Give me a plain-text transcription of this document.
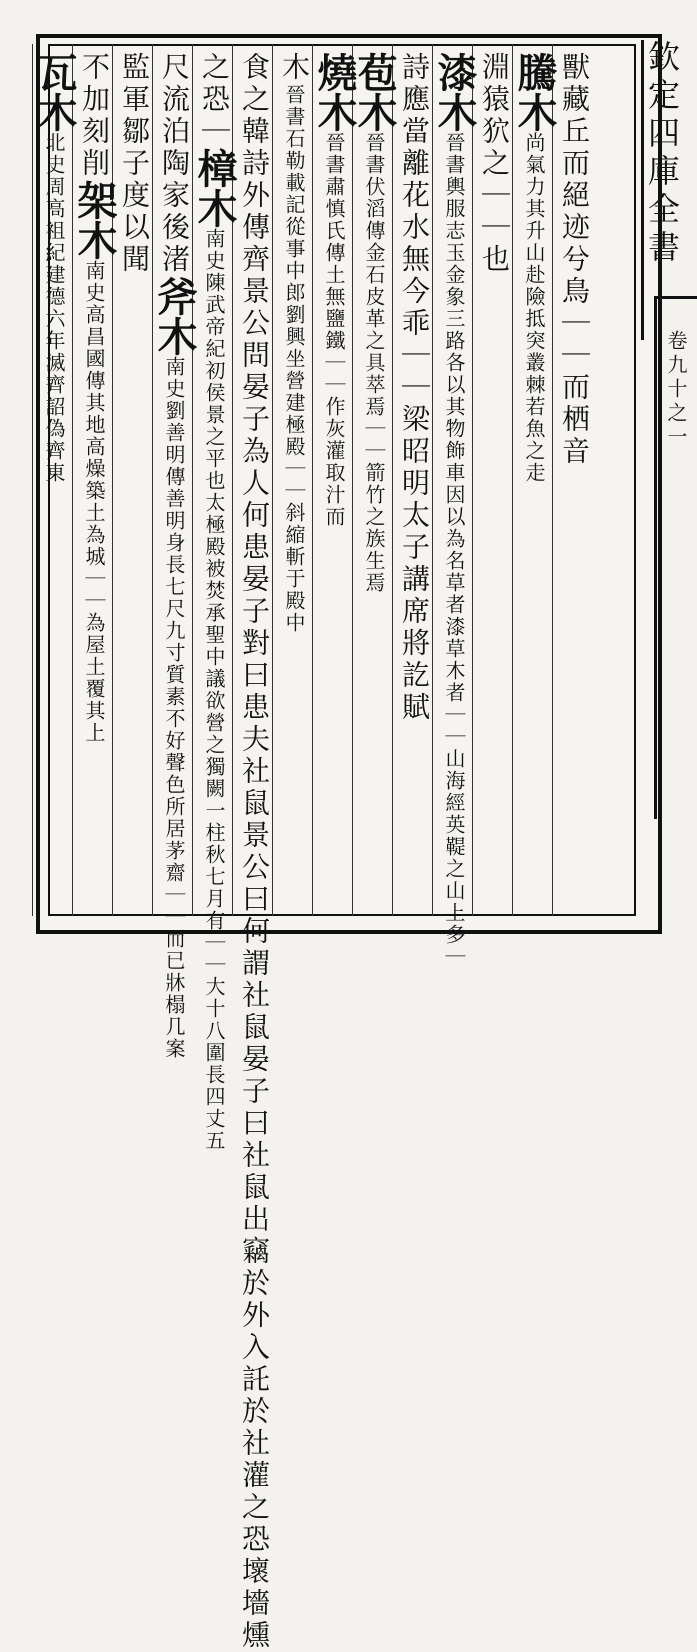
欽定四庫全書
卷九十之一
獸藏丘而絕迹兮鳥｜｜而栖音
騰木尚氣力其升山赴險抵突叢棘若魚之走
淵猿狖之｜｜也
漆木晉書輿服志玉金象三路各以其物飾車因以為名草者漆草木者｜｜山海經英鞮之山上多｜
詩應當離花水無今乖｜｜梁昭明太子講席將訖賦
苞木晉書伏滔傳金石皮革之具萃焉｜｜箭竹之族生焉
燒木晉書肅慎氏傳土無鹽鐵｜｜作灰灌取汁而
木晉書石勒載記從事中郎劉興坐營建極殿｜｜斜縮斬于殿中
食之韓詩外傳齊景公問晏子為人何患晏子對曰患夫社鼠景公曰何謂社鼠晏子曰社鼠出竊於外入託於社灌之恐壞墻燻
之恐｜樟木南史陳武帝紀初侯景之平也太極殿被焚承聖中議欲營之獨闕一柱秋七月有｜｜大十八圍長四丈五
尺流泊陶家後渚斧木南史劉善明傳善明身長七尺九寸質素不好聲色所居茅齋｜｜而已牀榻几案
監軍鄒子度以聞
不加刻削架木南史高昌國傳其地高燥築土為城｜｜為屋土覆其上
瓦木北史周高祖紀建德六年滅齊詔偽齊東
